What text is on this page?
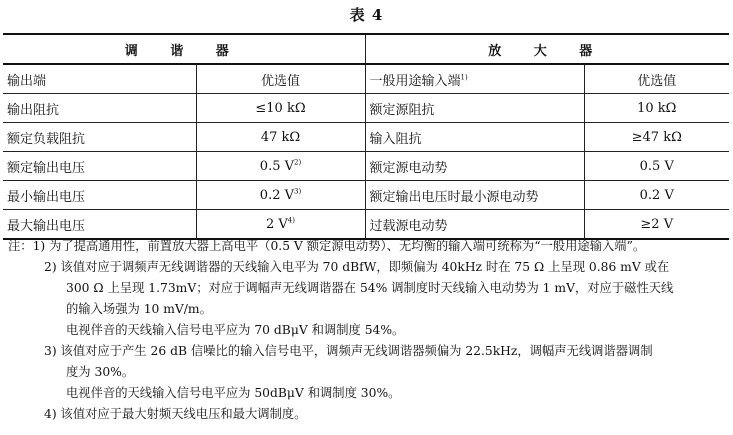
表 4
调 谐 器		放 大 器	
输出端	优选值	一般用途输入端$^{1)}$	优选值
输出阻抗	≤10 kΩ	额定源阻抗	10 kΩ
额定负载阻抗	47 kΩ	输入阻抗	≥47 kΩ
额定输出电压	0.5 $V^{2)}$	额定源电动势	0.5 V
最小输出电压	0.2 $V^{3)}$	额定输出电压时最小源电动势	0.2 V
最大输出电压	2 $V^{4)}$	过载源电动势	≥2 V
注：1) 为了提高通用性，前置放大器上高电平（0.5 V 额定源电动势）、无均衡的输入端可统称为“一般用途输入端”。
2) 该值对应于调频声无线调谐器的天线输入电平为 70 dBfW，即频偏为 40kHz 时在 75 Ω 上呈现 0.86 mV 或在
300 Ω 上呈现 1.73mV；对应于调幅声无线调谐器在 54% 调制度时天线输入电动势为 1 mV，对应于磁性天线
的输入场强为 10 mV/m。
电视伴音的天线输入信号电平应为 70 dBμV 和调制度 54%。
3) 该值对应于产生 26 dB 信噪比的输入信号电平，调频声无线调谐器频偏为 22.5kHz，调幅声无线调谐器调制
度为 30%。
电视伴音的天线输入信号电平应为 50dBμV 和调制度 30%。
4) 该值对应于最大射频天线电压和最大调制度。
